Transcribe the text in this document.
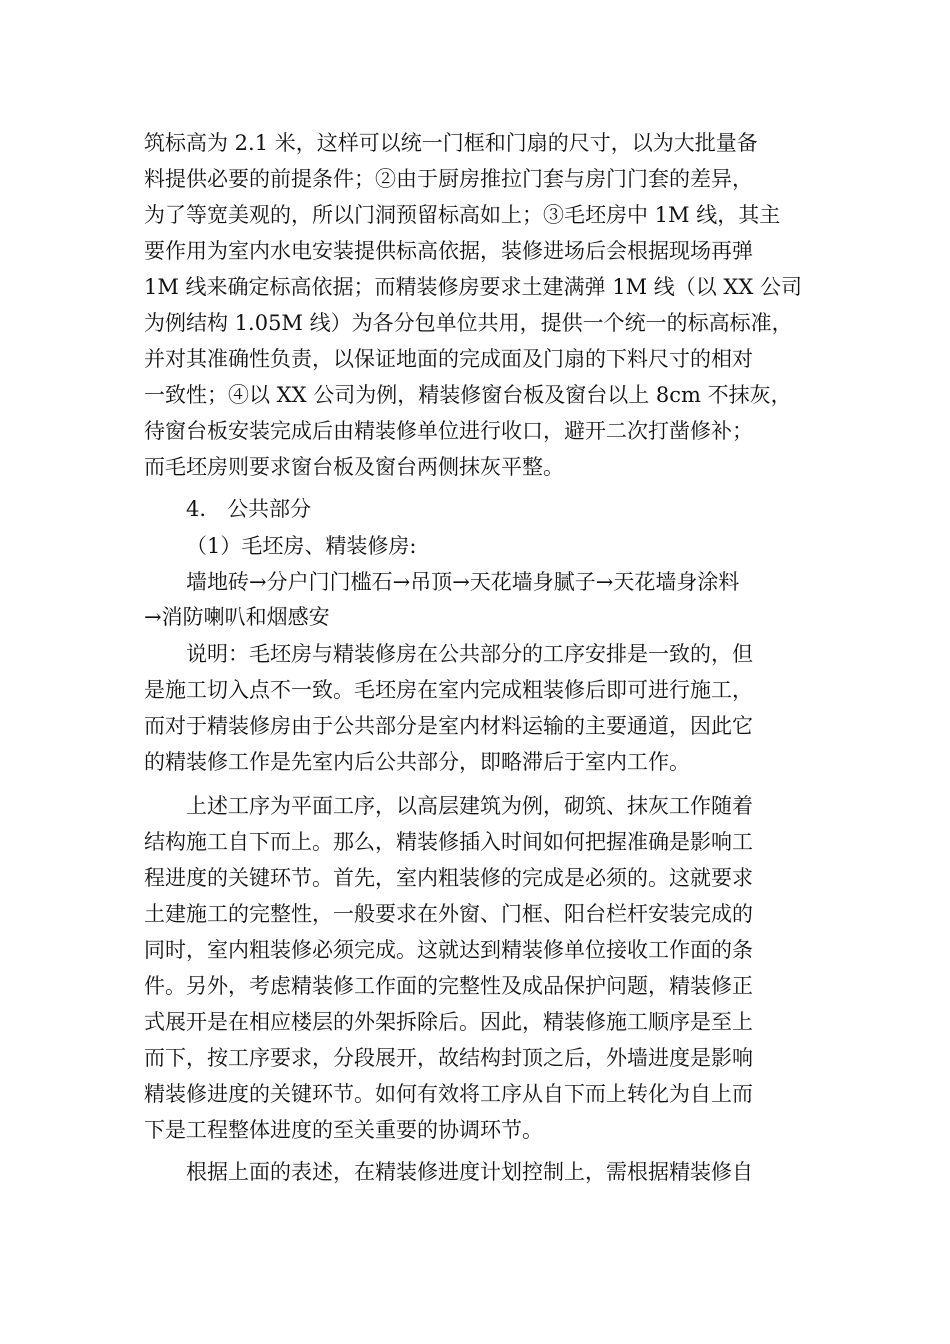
筑标高为 2.1 米，这样可以统一门框和门扇的尺寸，以为大批量备
料提供必要的前提条件；②由于厨房推拉门套与房门门套的差异，
为了等宽美观的，所以门洞预留标高如上；③毛坯房中 1M 线，其主
要作用为室内水电安装提供标高依据，装修进场后会根据现场再弹
1M 线来确定标高依据；而精装修房要求土建满弹 1M 线（以 XX 公司
为例结构 1.05M 线）为各分包单位共用，提供一个统一的标高标准，
并对其准确性负责，以保证地面的完成面及门扇的下料尺寸的相对
一致性；④以 XX 公司为例，精装修窗台板及窗台以上 8cm 不抹灰，
待窗台板安装完成后由精装修单位进行收口，避开二次打凿修补；
而毛坯房则要求窗台板及窗台两侧抹灰平整。
4.　公共部分
（1）毛坯房、精装修房:
墙地砖→分户门门槛石→吊顶→天花墙身腻子→天花墙身涂料
→消防喇叭和烟感安
说明：毛坯房与精装修房在公共部分的工序安排是一致的，但
是施工切入点不一致。毛坯房在室内完成粗装修后即可进行施工，
而对于精装修房由于公共部分是室内材料运输的主要通道，因此它
的精装修工作是先室内后公共部分，即略滞后于室内工作。
上述工序为平面工序，以高层建筑为例，砌筑、抹灰工作随着
结构施工自下而上。那么，精装修插入时间如何把握准确是影响工
程进度的关键环节。首先，室内粗装修的完成是必须的。这就要求
土建施工的完整性，一般要求在外窗、门框、阳台栏杆安装完成的
同时，室内粗装修必须完成。这就达到精装修单位接收工作面的条
件。另外，考虑精装修工作面的完整性及成品保护问题，精装修正
式展开是在相应楼层的外架拆除后。因此，精装修施工顺序是至上
而下，按工序要求，分段展开，故结构封顶之后，外墙进度是影响
精装修进度的关键环节。如何有效将工序从自下而上转化为自上而
下是工程整体进度的至关重要的协调环节。
根据上面的表述，在精装修进度计划控制上，需根据精装修自
